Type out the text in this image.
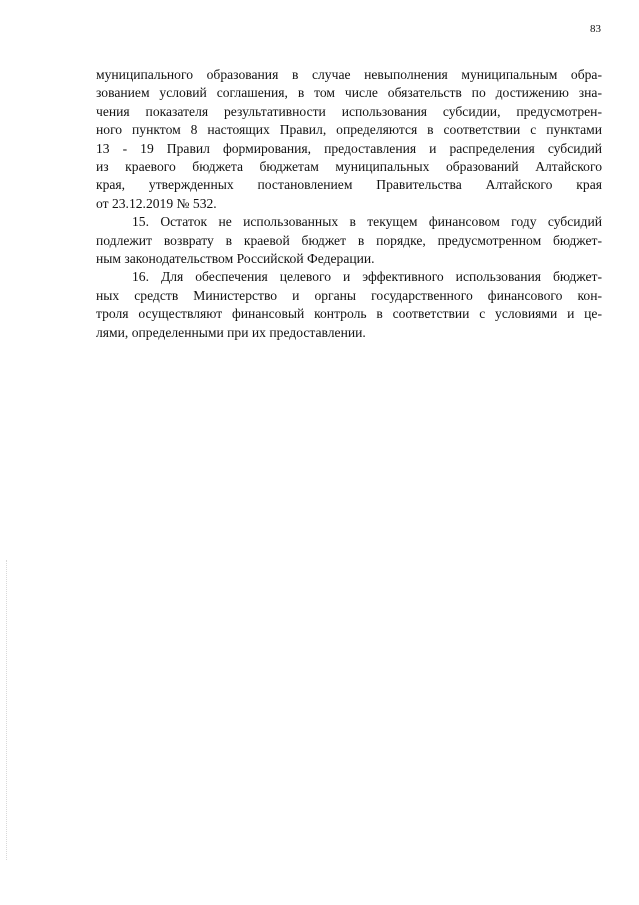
83

муниципального образования в случае невыполнения муниципальным обра-
зованием условий соглашения, в том числе обязательств по достижению зна-
чения показателя результативности использования субсидии, предусмотрен-
ного пунктом 8 настоящих Правил, определяются в соответствии с пунктами
13 - 19 Правил формирования, предоставления и распределения субсидий
из краевого бюджета бюджетам муниципальных образований Алтайского
края, утвержденных постановлением Правительства Алтайского края
от 23.12.2019 № 532.

15. Остаток не использованных в текущем финансовом году субсидий
подлежит возврату в краевой бюджет в порядке, предусмотренном бюджет-
ным законодательством Российской Федерации.

16. Для обеспечения целевого и эффективного использования бюджет-
ных средств Министерство и органы государственного финансового кон-
троля осуществляют финансовый контроль в соответствии с условиями и це-
лями, определенными при их предоставлении.
